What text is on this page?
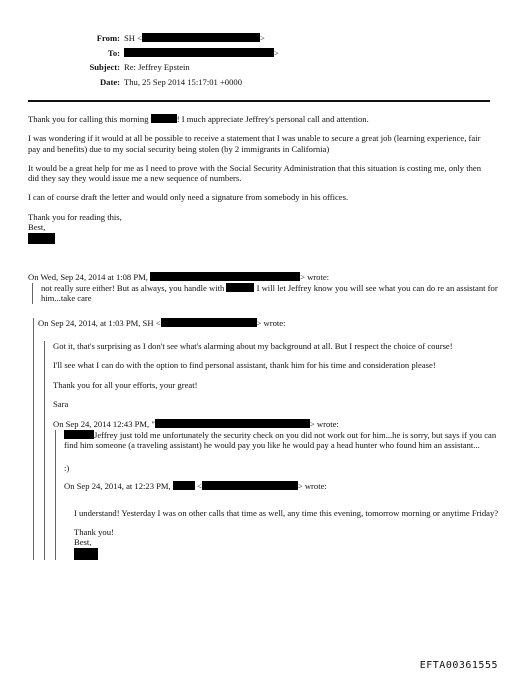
From: SH <	>
To:	>
Subject: Re: Jeffrey Epstein
Date: Thu, 25 Sep 2014 15:17:01 +0000

Thank you for calling this morning	! I much appreciate Jeffrey's personal call and attention.

I was wondering if it would at all be possible to receive a statement that I was unable to secure a great job (learning experience, fair pay and benefits) due to my social security being stolen (by 2 immigrants in California)

It would be a great help for me as I need to prove with the Social Security Administration that this situation is costing me, only then did they say they would issue me a new sequence of numbers.

I can of course draft the letter and would only need a signature from somebody in his offices.

Thank you for reading this,
Best,
On Wed, Sep 24, 2014 at 1:08 PM,	> wrote:
not really sure either! But as always, you handle with	I will let Jeffrey know you will see what you can do re an assistant for him...take care
On Sep 24, 2014, at 1:03 PM, SH <	> wrote:

Got it, that's surprising as I don't see what's alarming about my background at all. But I respect the choice of course!

I'll see what I can do with the option to find personal assistant, thank him for his time and consideration please!

Thank you for all your efforts, your great!

Sara

On Sep 24, 2014 12:43 PM, "	> wrote:

Jeffrey just told me unfortunately the security check on you did not work out for him...he is sorry, but says if you can find him someone (a traveling assistant) he would pay you like he would pay a head hunter who found him an assistant...

:)

On Sep 24, 2014, at 12:23 PM,	<	> wrote:

I understand! Yesterday I was on other calls that time as well, any time this evening, tomorrow morning or anytime Friday?

Thank you!
Best,
EFTA00361555
